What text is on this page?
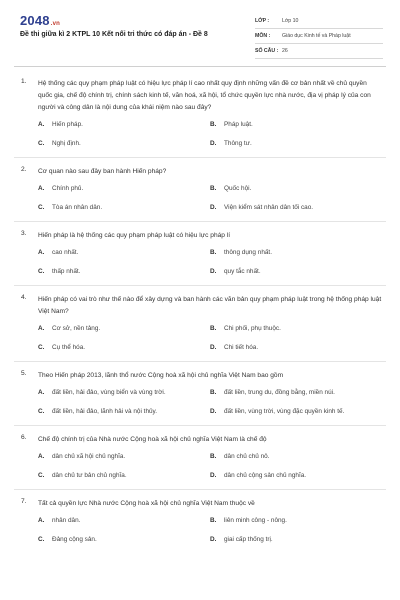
2048.vn
Đề thi giữa kì 2 KTPL 10 Kết nối tri thức có đáp án - Đề 8
LỚP :	Lớp 10
MÔN :	Giáo dục Kinh tế và Pháp luật
SỐ CÂU : 26
1. Hệ thống các quy phạm pháp luật có hiệu lực pháp lí cao nhất quy định những vấn đề cơ bản nhất về chủ quyền quốc gia, chế độ chính trị, chính sách kinh tế, văn hoá, xã hội, tổ chức quyền lực nhà nước, địa vị pháp lý của con người và công dân là nội dung của khái niệm nào sau đây?
A.	Hiến pháp.	B.	Pháp luật.
C.	Nghị định.	D.	Thông tư.
2. Cơ quan nào sau đây ban hành Hiến pháp?
A.	Chính phủ.	B.	Quốc hội.
C.	Tòa án nhân dân.	D.	Viện kiểm sát nhân dân tối cao.
3. Hiến pháp là hệ thống các quy phạm pháp luật có hiệu lực pháp lí
A.	cao nhất.	B.	thông dụng nhất.
C.	thấp nhất.	D.	quy tắc nhất.
4. Hiến pháp có vai trò như thế nào để xây dựng và ban hành các văn bản quy phạm pháp luật trong hệ thống pháp luật Việt Nam?
A.	Cơ sở, nền tảng.	B.	Chi phối, phụ thuộc.
C.	Cụ thể hóa.	D.	Chi tiết hóa.
5. Theo Hiến pháp 2013, lãnh thổ nước Cộng hoà xã hội chủ nghĩa Việt Nam bao gồm
A.	đất liền, hải đảo, vùng biển và vùng trời.	B.	đất liền, trung du, đồng bằng, miền núi.
C.	đất liền, hải đảo, lãnh hải và nội thủy.	D.	đất liền, vùng trời, vùng đặc quyền kinh tế.
6. Chế độ chính trị của Nhà nước Cộng hoà xã hội chủ nghĩa Việt Nam là chế độ
A.	dân chủ xã hội chủ nghĩa.	B.	dân chủ chủ nô.
C.	dân chủ tư bản chủ nghĩa.	D.	dân chủ cộng sản chủ nghĩa.
7. Tất cả quyền lực Nhà nước Cộng hoà xã hội chủ nghĩa Việt Nam thuộc về
A.	nhân dân.	B.	liên minh công - nông.
C.	Đảng cộng sản.	D.	giai cấp thống trị.
